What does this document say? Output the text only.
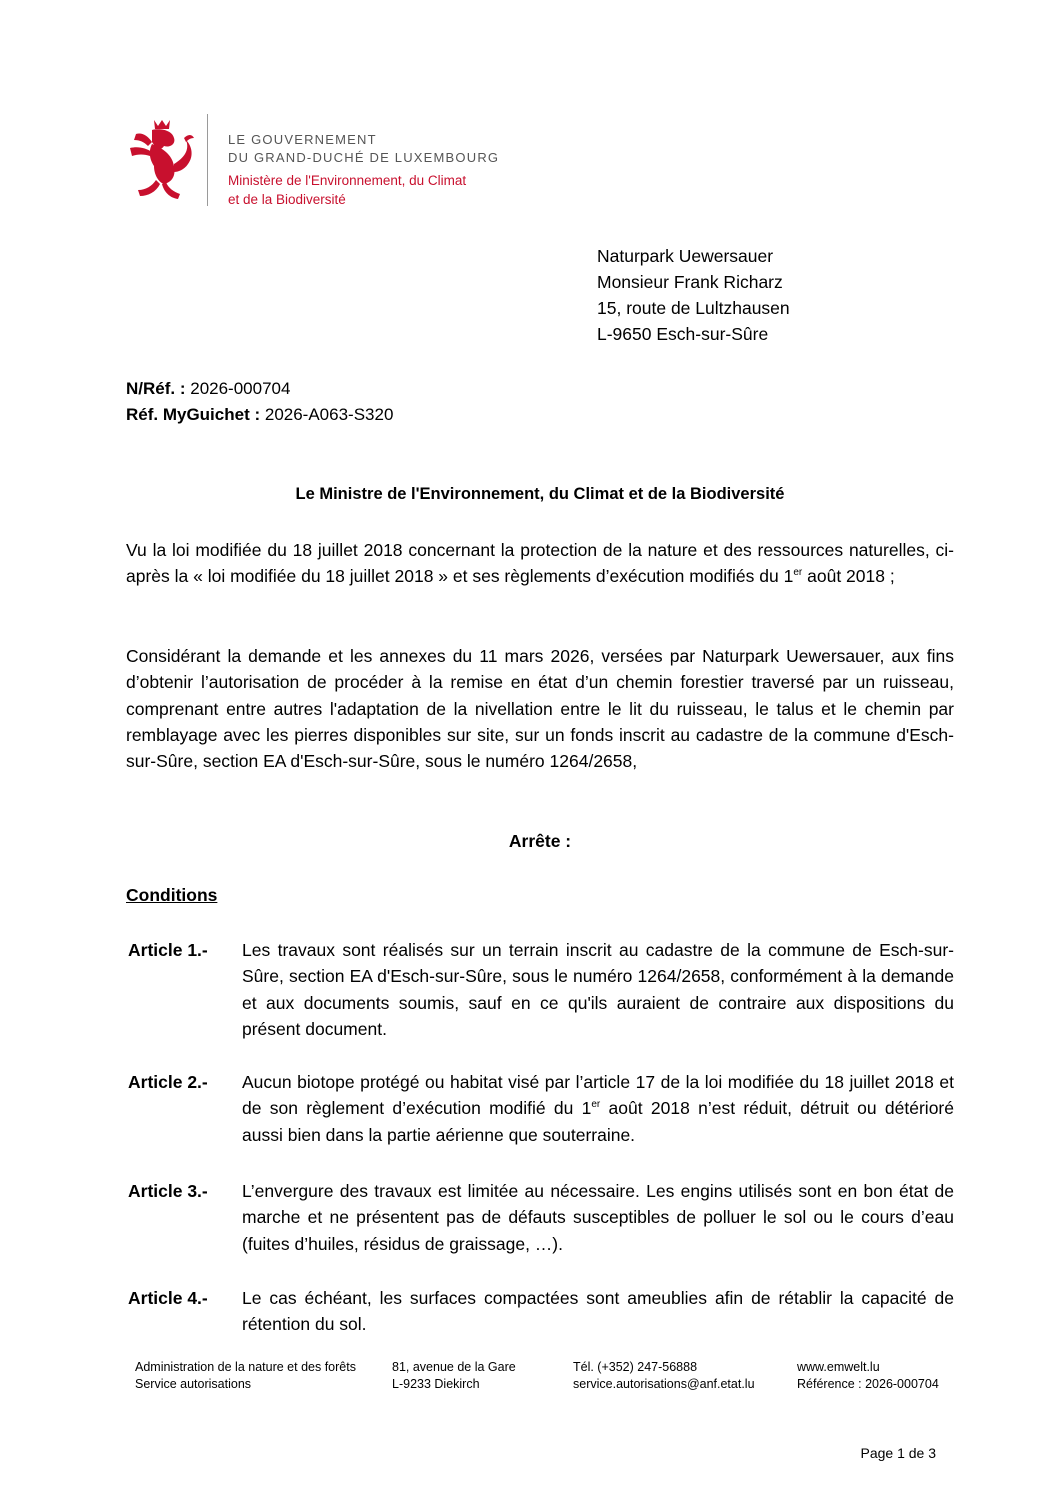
LE GOUVERNEMENT
DU GRAND-DUCHÉ DE LUXEMBOURG
Ministère de l'Environnement, du Climat
et de la Biodiversité
Naturpark Uewersauer
Monsieur Frank Richarz
15, route de Lultzhausen
L-9650 Esch-sur-Sûre
N/Réf. : 2026-000704
Réf. MyGuichet : 2026-A063-S320
Le Ministre de l'Environnement, du Climat et de la Biodiversité
Vu la loi modifiée du 18 juillet 2018 concernant la protection de la nature et des ressources naturelles, ci-après la « loi modifiée du 18 juillet 2018 » et ses règlements d’exécution modifiés du 1er août 2018 ;
Considérant la demande et les annexes du 11 mars 2026, versées par Naturpark Uewersauer, aux fins d’obtenir l’autorisation de procéder à la remise en état d’un chemin forestier traversé par un ruisseau, comprenant entre autres l'adaptation de la nivellation entre le lit du ruisseau, le talus et le chemin par remblayage avec les pierres disponibles sur site, sur un fonds inscrit au cadastre de la commune d'Esch-sur-Sûre, section EA d'Esch-sur-Sûre, sous le numéro 1264/2658,
Arrête :
Conditions
Article 1.- Les travaux sont réalisés sur un terrain inscrit au cadastre de la commune de Esch-sur-Sûre, section EA d'Esch-sur-Sûre, sous le numéro 1264/2658, conformément à la demande et aux documents soumis, sauf en ce qu'ils auraient de contraire aux dispositions du présent document.
Article 2.- Aucun biotope protégé ou habitat visé par l’article 17 de la loi modifiée du 18 juillet 2018 et de son règlement d’exécution modifié du 1er août 2018 n’est réduit, détruit ou détérioré aussi bien dans la partie aérienne que souterraine.
Article 3.- L’envergure des travaux est limitée au nécessaire. Les engins utilisés sont en bon état de marche et ne présentent pas de défauts susceptibles de polluer le sol ou le cours d’eau (fuites d’huiles, résidus de graissage, …).
Article 4.- Le cas échéant, les surfaces compactées sont ameublies afin de rétablir la capacité de rétention du sol.
Administration de la nature et des forêts
Service autorisations
81, avenue de la Gare
L-9233 Diekirch
Tél. (+352) 247-56888
service.autorisations@anf.etat.lu
www.emwelt.lu
Référence : 2026-000704
Page 1 de 3
